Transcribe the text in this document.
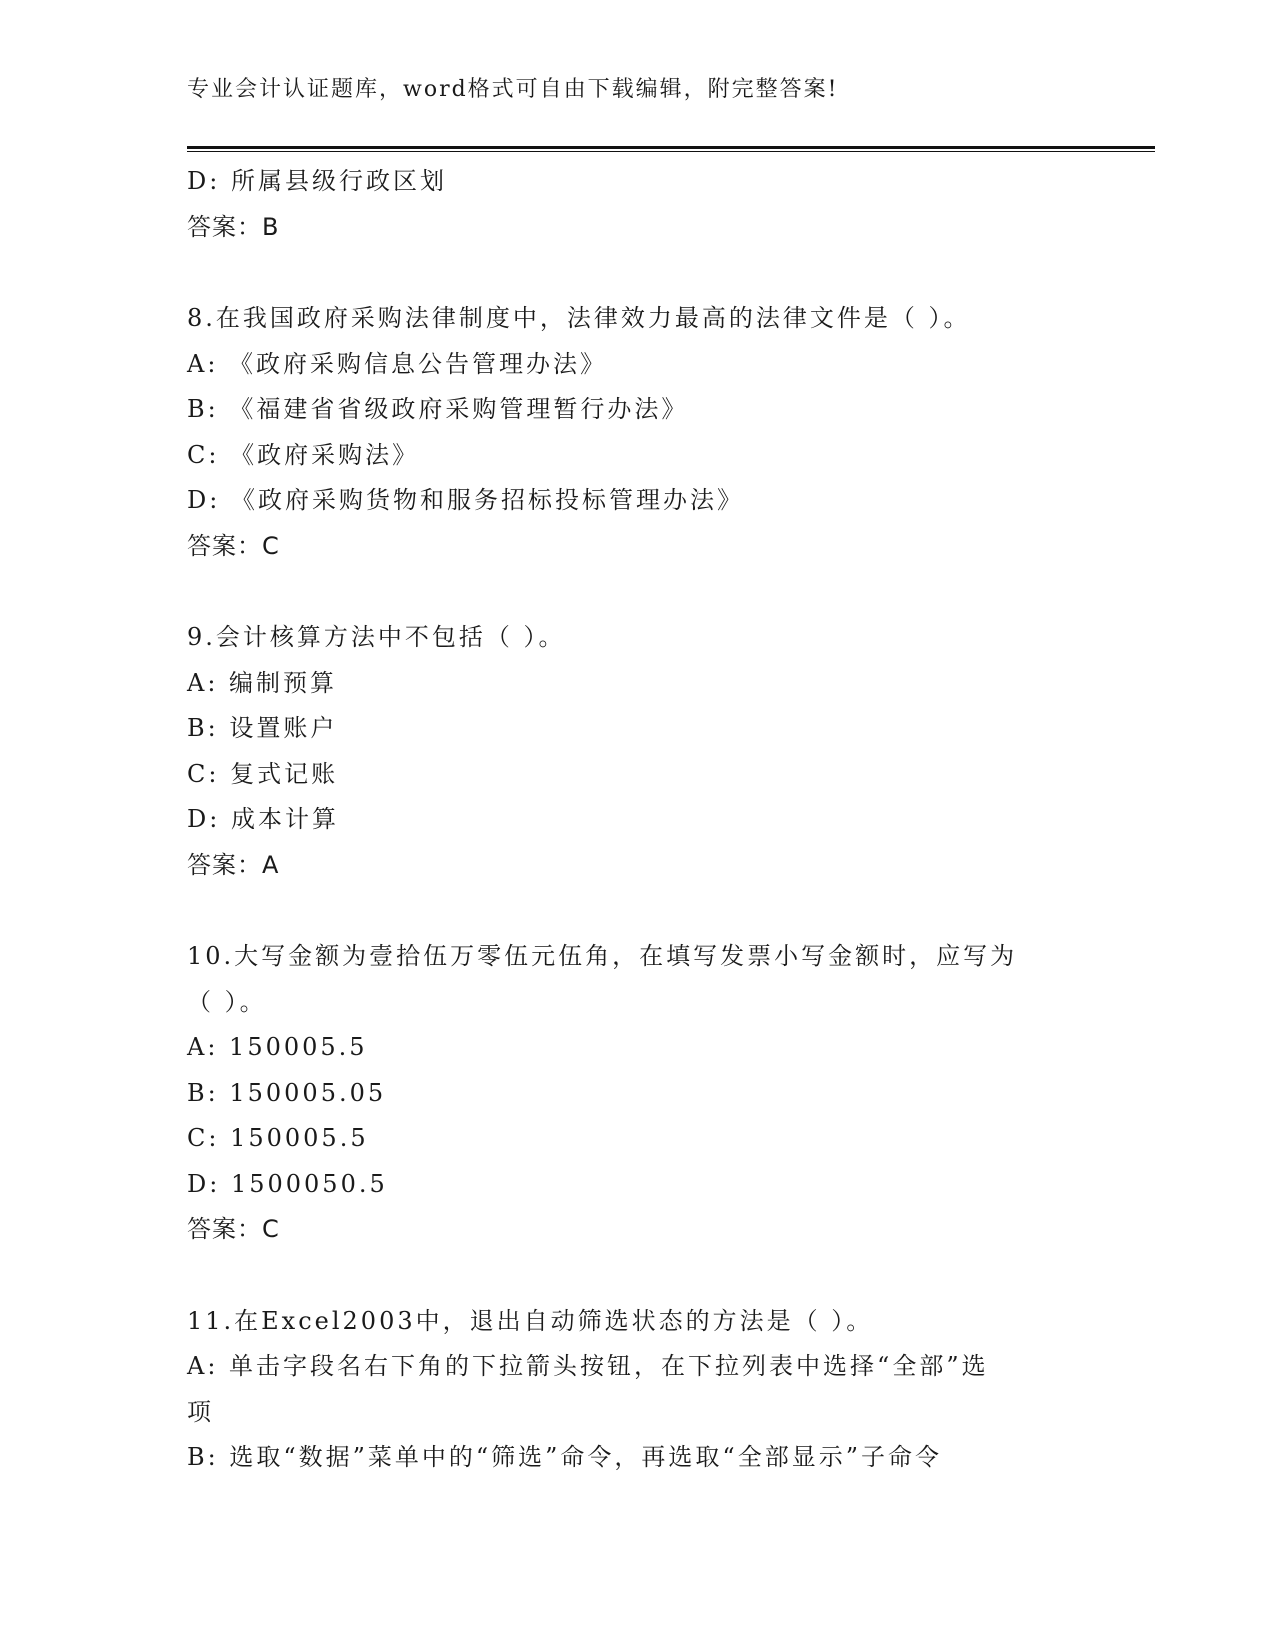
专业会计认证题库，word格式可自由下载编辑，附完整答案!
D: 所属县级行政区划
答案：B
8.在我国政府采购法律制度中，法律效力最高的法律文件是（ ）。
A: 《政府采购信息公告管理办法》
B: 《福建省省级政府采购管理暂行办法》
C: 《政府采购法》
D: 《政府采购货物和服务招标投标管理办法》
答案：C
9.会计核算方法中不包括（ ）。
A: 编制预算
B: 设置账户
C: 复式记账
D: 成本计算
答案：A
10.大写金额为壹拾伍万零伍元伍角，在填写发票小写金额时，应写为
（ ）。
A: 150005.5
B: 150005.05
C: 150005.5
D: 1500050.5
答案：C
11.在Excel2003中，退出自动筛选状态的方法是（ ）。
A: 单击字段名右下角的下拉箭头按钮，在下拉列表中选择“全部”选
项
B: 选取“数据”菜单中的“筛选”命令，再选取“全部显示”子命令
